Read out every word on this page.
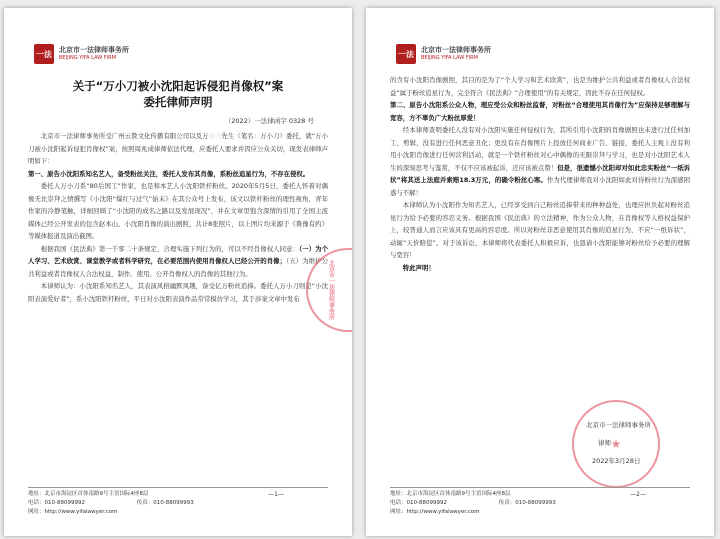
一法 北京市一法律师事务所
BEIJING YIFA LAW FIRM
关于“万小刀被小沈阳起诉侵犯肖像权”案
委托律师声明
（2022）一法律函字 0328 号

北京市一法律师事务所受广州云赞文化传播有限公司以及万小刀先生（笔名：万小刀）委托，就“万小刀被小沈阳起诉侵犯肖像权”案，按照周兆成律师依法代理，应委托人要求并因应公众关切，现发表律师声明如下：

第一、原告小沈阳系知名艺人，备受粉丝关注，委托人发布其肖像，系粉丝追星行为，不存在侵权。

委托人万小刀系“80后国工”作家，也是和本艺人小沈阳铁杆粉丝。2020年5月5日，委托人怀着对偶像无比崇拜之情撰写《小沈阳“爆红与过气”始末》在其公众号上发布，该文以铁杆粉丝的理性视角，青年作家的冷静笔触，详细回顾了“小沈阳的成名之路以及发展现况”，并在文章里饱含深情的引用了全国主流媒体已经公开发表的包含赵本山、小沈阳肖像的演出剧照，共计8张照片，以上图片均来源于《鲁豫有约》等媒体报道及演出截图。

根据我国《民法典》第一千零二十条规定，合理实施下列行为的，可以不经肖像权人同意：（一）为个人学习、艺术欣赏、课堂教学或者科学研究，在必要范围内使用肖像权人已经公开的肖像；（五）为维护公共利益或者肖像权人合法权益，制作、使用、公开肖像权人的肖像的其他行为。

本律师认为：小沈阳系知名艺人，其表演风格幽默风趣，备受亿万粉丝追捧。委托人万小刀则是“小沈阳表演爱好者”，系小沈阳铁杆粉丝，平日对小沈阳表演作品常常模仿学习，其于涉案文章中发布	北京市一法律师事务所
地址：北京市海淀区首体南路9号主语国际4座8层
电话：010-88099992	传真：010-88099993
网址：http://www.yifalawyer.com
—1—
一法 北京市一法律师事务所
BEIJING YIFA LAW FIRM

的含有小沈阳肖像剧照，其目的是为了“个人学习和艺术欣赏”，也是为维护公共利益或者肖像权人合法权益”属于粉丝追星行为，完全符合《民法典》“合理使用”的有关规定，因此不存在任何侵权。

第二、原告小沈阳系公众人物，理应受公众和粉丝监督，对粉丝“合理使用其肖像行为”应保持足够理解与宽容，方不辜负广大粉丝厚爱！

经本律师查明委托人没有对小沈阳实施任何侵权行为，其所引用小沈阳的肖像剧照也未进行过任何加工、剪辑，没有进行任何恶意丑化；更没有在肖像图片上投放任何商业广告、链接，委托人主观上没有利用小沈阳肖像进行任何营利活动，就是一个铁杆粉丝对心中偶像的无限崇拜与学习，也是对小沈阳艺术人生的深刻思考与鉴赏，不仅不应该被起诉，还应该被点赞！但是，很遗憾小沈阳却对如此忠实粉丝“一纸诉状”将其送上法庭并索赔18.3万元，的确令粉丝心寒。作为代理律师我对小沈阳如此对待粉丝行为深感困惑与不解！

本律师认为小沈阳作为知名艺人，已经享受到自己粉丝追捧带来的种种益处，也理应担负起对粉丝追星行为给予必要的容忍义务。根据我国《民法典》的立法精神，作为公众人物，在肖像权等人格权益保护上，较普通人而言应该具有更高的容忍度。所以对粉丝非恶意使用其肖像的追星行为，不应“一纸诉状”，动辄“天价赔偿”。对于该诉讼，本律师将代表委托人积极应诉，也恳请小沈阳能够对粉丝给予必要的理解与宽容！

特此声明！

北京市一法律师事务所
律师
2022年3月28日
★
地址：北京市海淀区首体南路9号主语国际4座8层
电话：010-88099992	传真：010-88099993
网址：http://www.yifalawyer.com
—2—
